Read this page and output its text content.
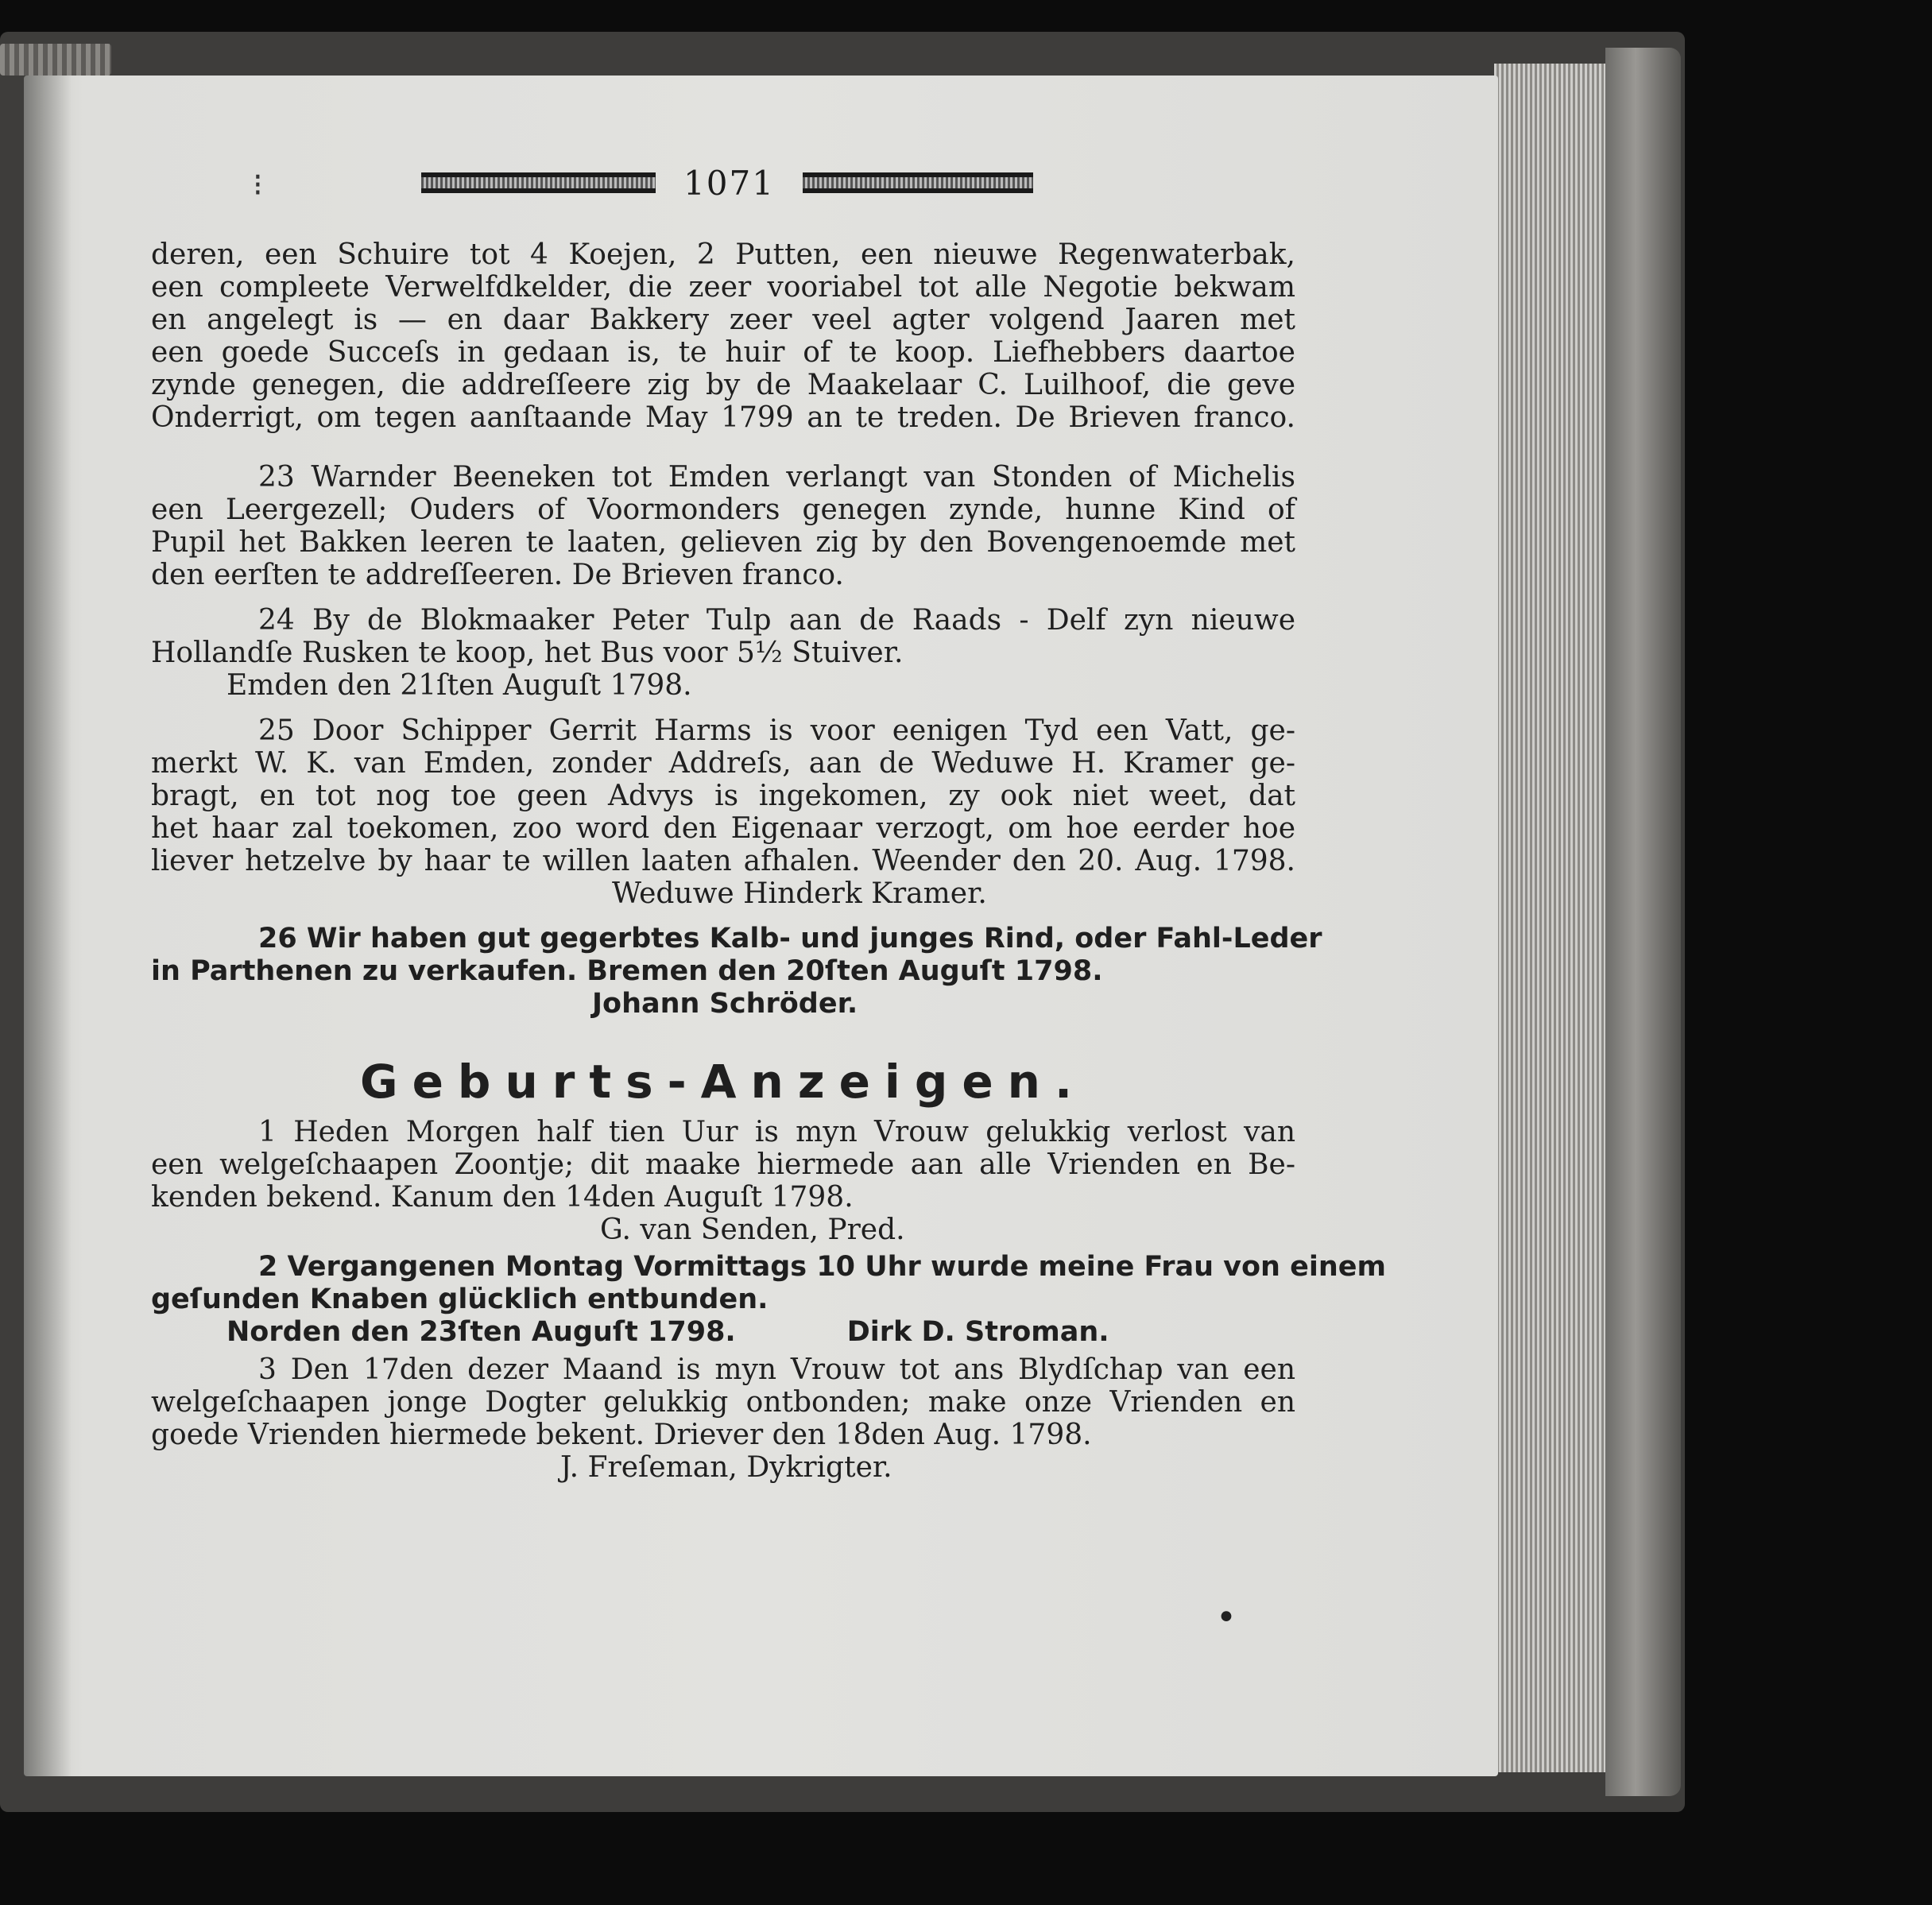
⁝
•
1071
deren, een Schuire tot 4 Koejen, 2 Putten, een nieuwe Regenwaterbak,
een compleete Verwelfdkelder, die zeer vooriabel tot alle Negotie bekwam
en angelegt is — en daar Bakkery zeer veel agter volgend Jaaren met
een goede Succeſs in gedaan is, te huir of te koop. Liefhebbers daartoe
zynde genegen, die addreſſeere zig by de Maakelaar C. Luilhoof, die geve
Onderrigt, om tegen aanſtaande May 1799 an te treden. De Brieven franco.
23 Warnder Beeneken tot Emden verlangt van Stonden of Michelis
een Leergezell; Ouders of Voormonders genegen zynde, hunne Kind of
Pupil het Bakken leeren te laaten, gelieven zig by den Bovengenoemde met
den eerſten te addreſſeeren. De Brieven franco.
24 By de Blokmaaker Peter Tulp aan de Raads - Delf zyn nieuwe
Hollandſe Rusken te koop, het Bus voor 5½ Stuiver.
Emden den 21ſten Auguſt 1798.
25 Door Schipper Gerrit Harms is voor eenigen Tyd een Vatt, ge-
merkt W. K. van Emden, zonder Addreſs, aan de Weduwe H. Kramer ge-
bragt, en tot nog toe geen Advys is ingekomen, zy ook niet weet, dat
het haar zal toekomen, zoo word den Eigenaar verzogt, om hoe eerder hoe
liever hetzelve by haar te willen laaten afhalen. Weender den 20. Aug. 1798.
Weduwe Hinderk Kramer.
26 Wir haben gut gegerbtes Kalb- und junges Rind, oder Fahl-Leder
in Parthenen zu verkaufen. Bremen den 20ſten Auguſt 1798.
Johann Schröder.
Geburts-Anzeigen.
1 Heden Morgen half tien Uur is myn Vrouw gelukkig verlost van
een welgeſchaapen Zoontje; dit maake hiermede aan alle Vrienden en Be-
kenden bekend. Kanum den 14den Auguſt 1798.
G. van Senden, Pred.
2 Vergangenen Montag Vormittags 10 Uhr wurde meine Frau von einem
geſunden Knaben glücklich entbunden.
Norden den 23ſten Auguſt 1798.	Dirk D. Stroman.
3 Den 17den dezer Maand is myn Vrouw tot ans Blydſchap van een
welgeſchaapen jonge Dogter gelukkig ontbonden; make onze Vrienden en
goede Vrienden hiermede bekent. Driever den 18den Aug. 1798.
J. Freſeman, Dykrigter.
